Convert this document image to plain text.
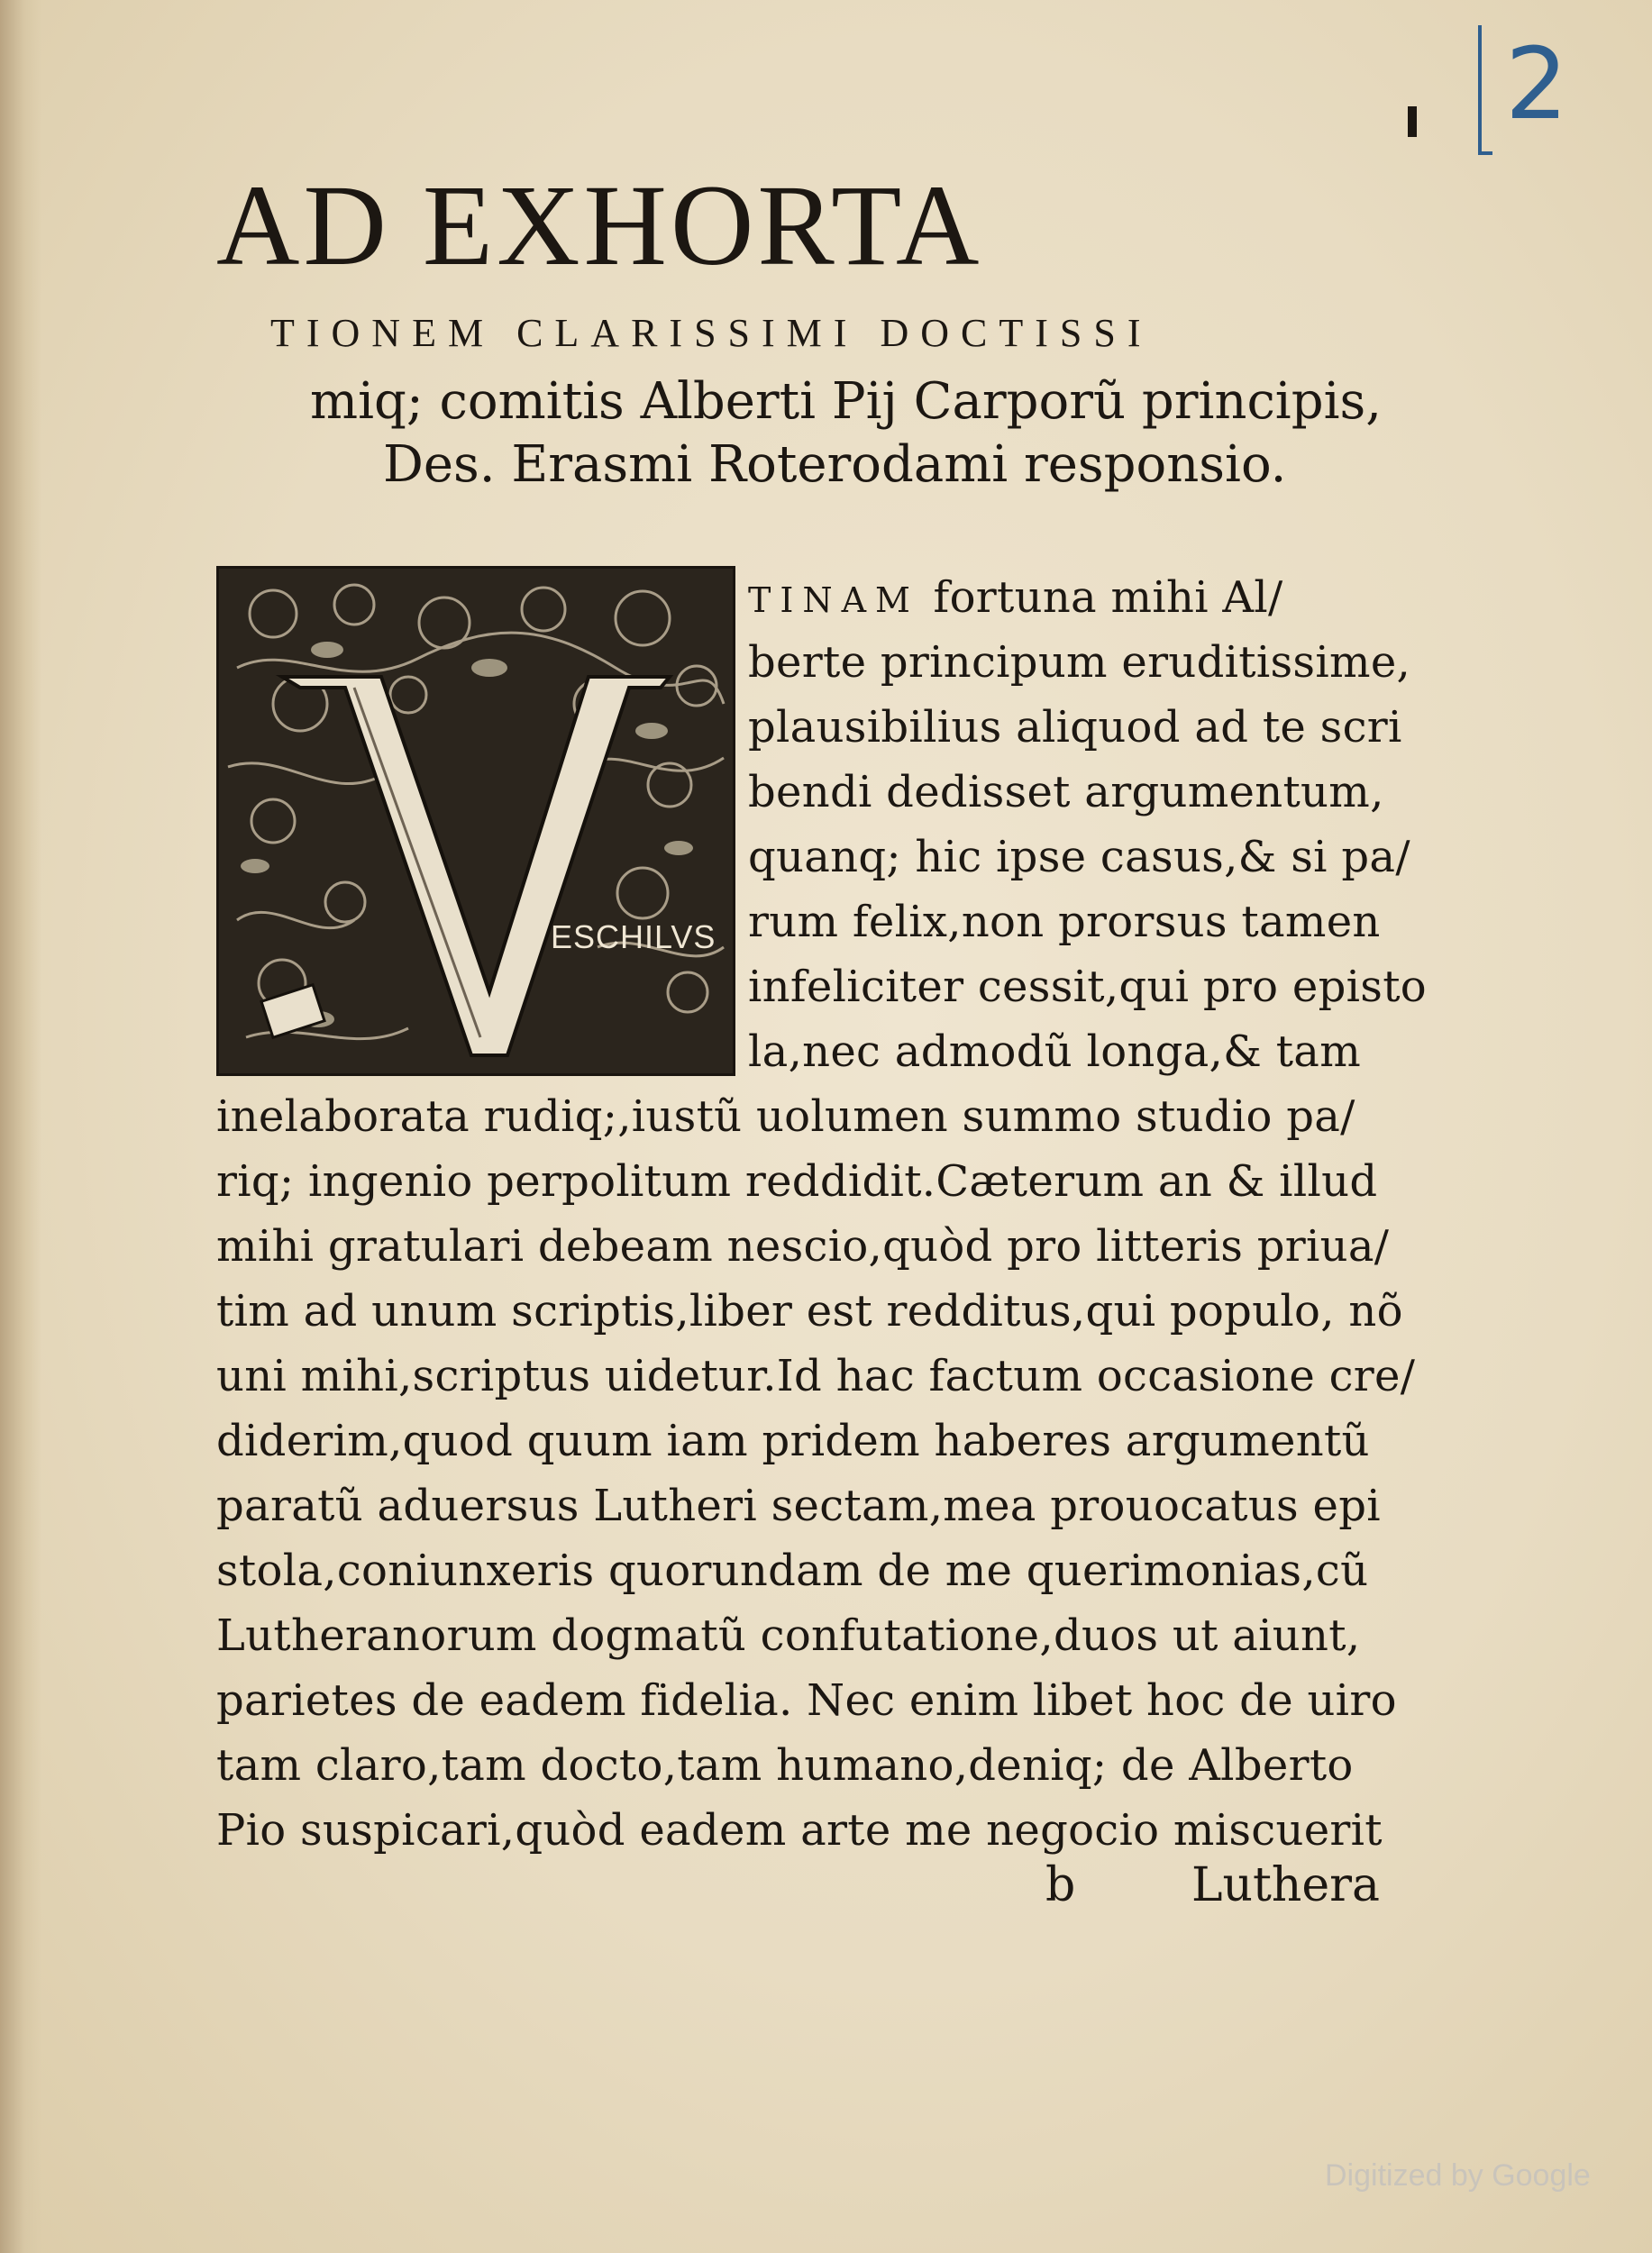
2
AD EXHORTA
TIONEM CLARISSIMI DOCTISSI
miq; comitis Alberti Pij Carporũ principis,
Des. Erasmi Roterodami responsio.
ESCHILVS
TINAM fortuna mihi Al/
berte principum eruditissime,
plausibilius aliquod ad te scri
bendi dedisset argumentum,
quanq; hic ipse casus,& si pa/
rum felix,non prorsus tamen
infeliciter cessit,qui pro episto
la,nec admodũ longa,& tam
inelaborata rudiq;,iustũ uolumen summo studio pa/
riq; ingenio perpolitum reddidit.Cæterum an & illud
mihi gratulari debeam nescio,quòd pro litteris priua/
tim ad unum scriptis,liber est redditus,qui populo, nõ
uni mihi,scriptus uidetur.Id hac factum occasione cre/
diderim,quod quum iam pridem haberes argumentũ
paratũ aduersus Lutheri sectam,mea prouocatus epi
stola,coniunxeris quorundam de me querimonias,cũ
Lutheranorum dogmatũ confutatione,duos ut aiunt,
parietes de eadem fidelia. Nec enim libet hoc de uiro
tam claro,tam docto,tam humano,deniq; de Alberto
Pio suspicari,quòd eadem arte me negocio miscuerit
b Luthera
Digitized by Google
